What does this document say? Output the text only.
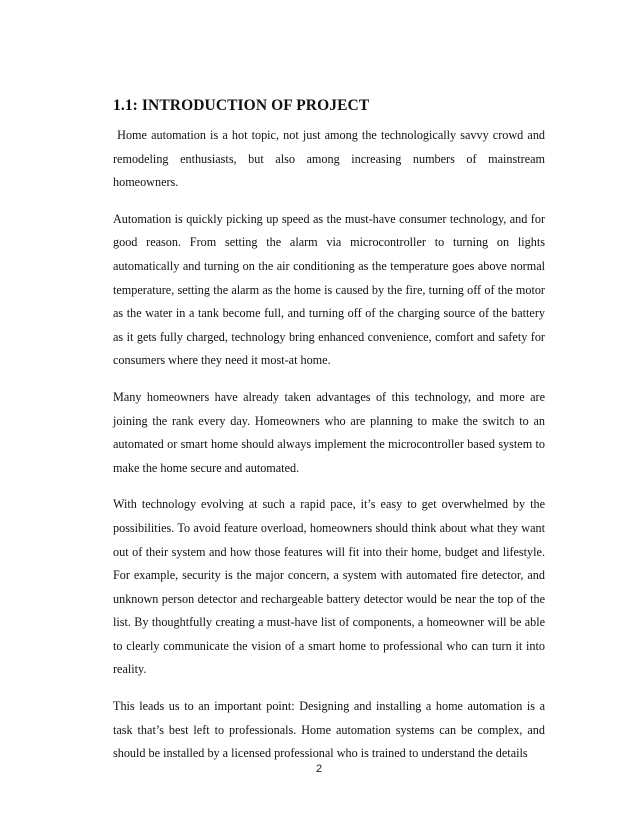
1.1: INTRODUCTION OF PROJECT

Home automation is a hot topic, not just among the technologically savvy crowd and remodeling enthusiasts, but also among increasing numbers of mainstream homeowners.

Automation is quickly picking up speed as the must-have consumer technology, and for good reason. From setting the alarm via microcontroller to turning on lights automatically and turning on the air conditioning as the temperature goes above normal temperature, setting the alarm as the home is caused by the fire, turning off of the motor as the water in a tank become full, and turning off of the charging source of the battery as it gets fully charged, technology bring enhanced convenience, comfort and safety for consumers where they need it most-at home.

Many homeowners have already taken advantages of this technology, and more are joining the rank every day. Homeowners who are planning to make the switch to an automated or smart home should always implement the microcontroller based system to make the home secure and automated.

With technology evolving at such a rapid pace, it’s easy to get overwhelmed by the possibilities. To avoid feature overload, homeowners should think about what they want out of their system and how those features will fit into their home, budget and lifestyle. For example, security is the major concern, a system with automated fire detector, and unknown person detector and rechargeable battery detector would be near the top of the list. By thoughtfully creating a must-have list of components, a homeowner will be able to clearly communicate the vision of a smart home to professional who can turn it into reality.

This leads us to an important point: Designing and installing a home automation is a task that’s best left to professionals. Home automation systems can be complex, and should be installed by a licensed professional who is trained to understand the details

2
